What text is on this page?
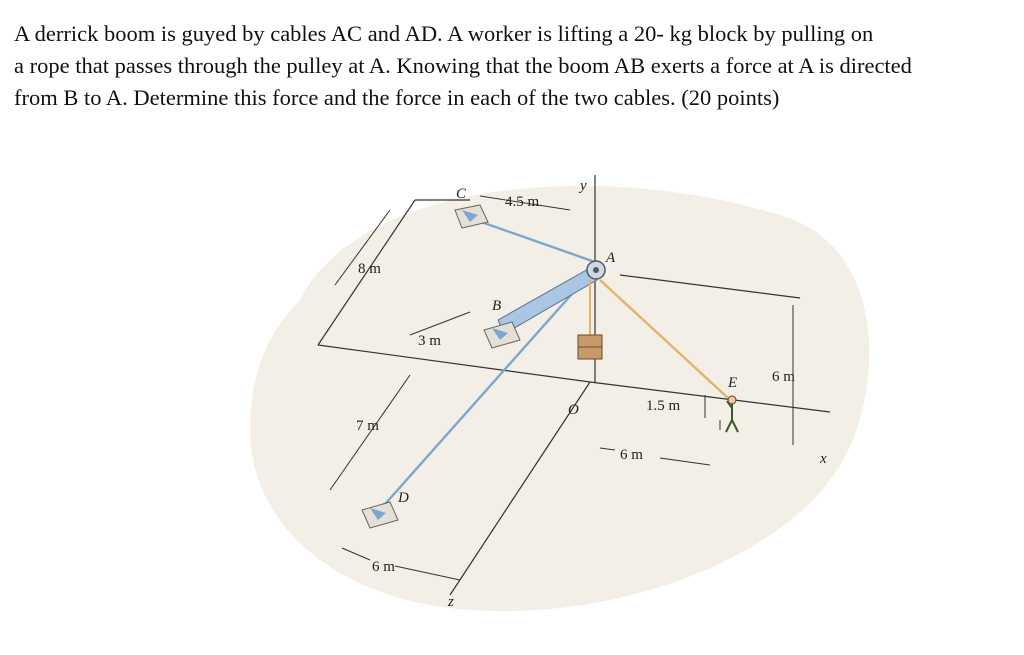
A derrick boom is guyed by cables AC and AD. A worker is lifting a 20- kg block by pulling on

a rope that passes through the pulley at A. Knowing that the boom AB exerts a force at A is directed

from B to A. Determine this force and the force in each of the two cables. (20 points)

y
x
z
C
A
B
D
E
O
4.5 m
8 m
3 m
7 m
6 m
6 m
1.5 m
6 m
